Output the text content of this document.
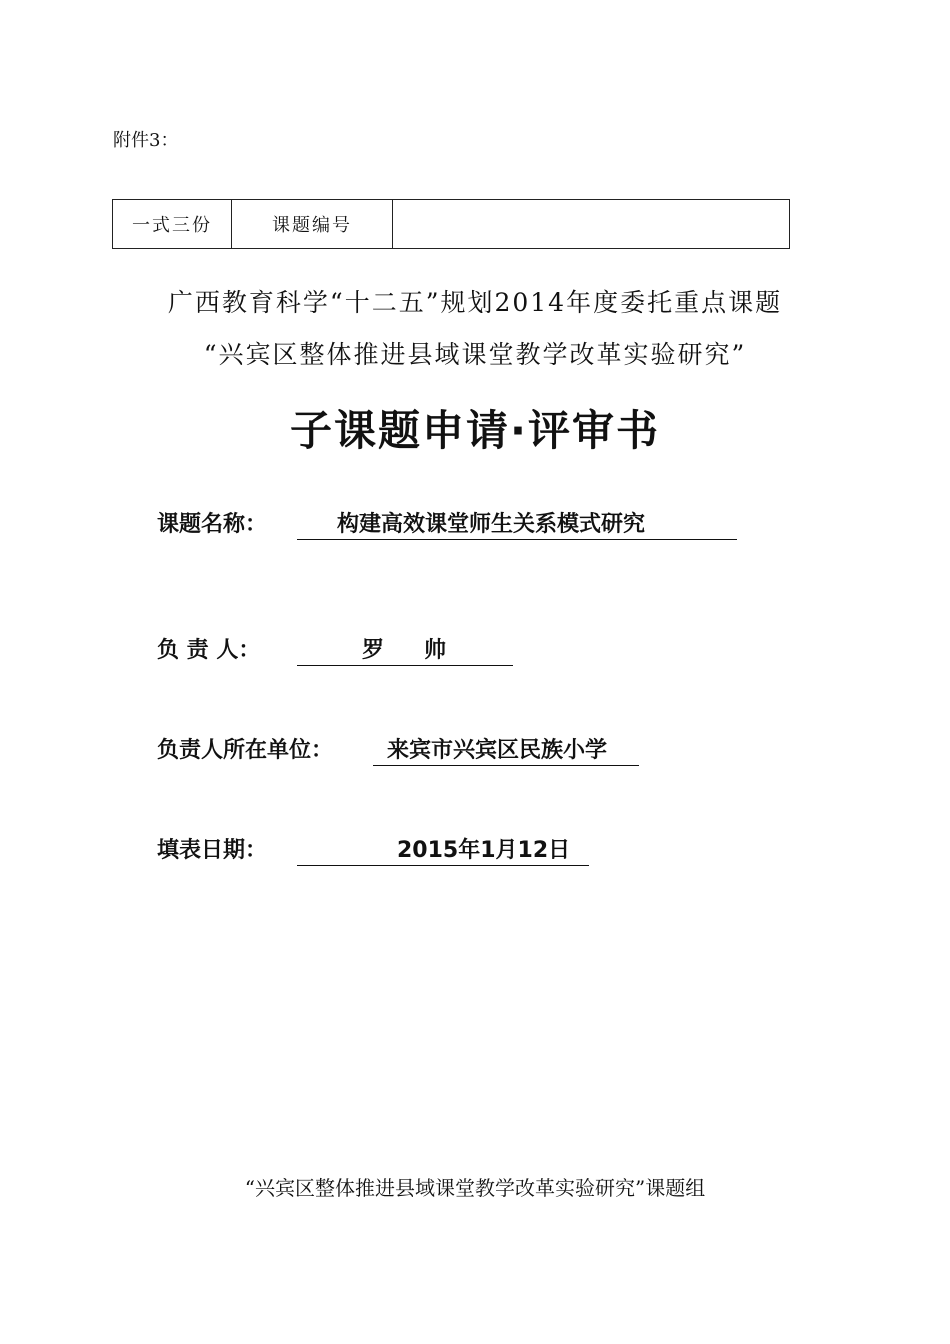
附件3：
一式三份	课题编号	
广西教育科学“十二五”规划2014年度委托重点课题
“兴宾区整体推进县域课堂教学改革实验研究”
子课题申请·评审书
课题名称：	构建高效课堂师生关系模式研究
负 责 人：	罗帅
负责人所在单位：	来宾市兴宾区民族小学
填表日期：	2015年1月12日
“兴宾区整体推进县域课堂教学改革实验研究”课题组
